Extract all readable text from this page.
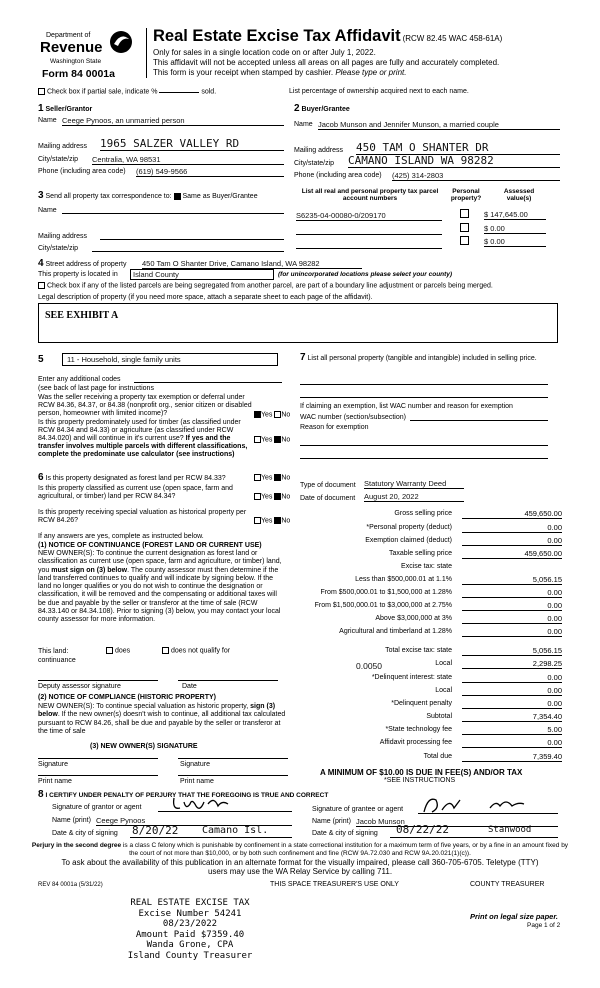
Department of
Revenue
Washington State
Form 84 0001a
Real Estate Excise Tax Affidavit (RCW 82.45 WAC 458-61A)
Only for sales in a single location code on or after July 1, 2022.
This affidavit will not be accepted unless all areas on all pages are fully and accurately completed.
This form is your receipt when stamped by cashier. Please type or print.
Check box if partial sale, indicate %	sold.	List percentage of ownership acquired next to each name.
1 Seller/Grantor
Name Ceege Pynoos, an unmarried person
Mailing address 1965 SALZER VALLEY RD
City/state/zip Centralia, WA 98531
Phone (including area code) (619) 549-9566
2 Buyer/Grantee
Name Jacob Munson and Jennifer Munson, a married couple
Mailing address 450 TAM O SHANTER DR
City/state/zip CAMANO ISLAND WA 98282
Phone (including area code) (425) 314-2803
3 Send all property tax correspondence to: Same as Buyer/Grantee
Name
Mailing address
City/state/zip
List all real and personal property tax parcel account numbers
Personal property?
Assessed value(s)
S6235-04-00080-0/209170	$ 147,645.00
$ 0.00
$ 0.00
4 Street address of property 450 Tam O Shanter Drive, Camano Island, WA 98282
This property is located in	Island County	(for unincorporated locations please select your county)
Check box if any of the listed parcels are being segregated from another parcel, are part of a boundary line adjustment or parcels being merged.
Legal description of property (if you need more space, attach a separate sheet to each page of the affidavit).
SEE EXHIBIT A
5	11 - Household, single family units
Enter any additional codes
(see back of last page for instructions
Was the seller receiving a property tax exemption or deferral under RCW 84.36, 84.37, or 84.38 (nonprofit org., senior citizen or disabled person, homeowner with limited income)?	Yes No
Is this property predominately used for timber (as classified under RCW 84.34 and 84.33) or agriculture (as classified under RCW 84.34.020) and will continue in it's current use? If yes and the transfer involves multiple parcels with different classifications, complete the predominate use calculator (see instructions)
Yes No
6 Is this property designated as forest land per RCW 84.33?	Yes No
Is this property classified as current use (open space, farm and agricultural, or timber) land per RCW 84.34?	Yes No
Is this property receiving special valuation as historical property per RCW 84.26?	Yes No
If any answers are yes, complete as instructed below.
(1) NOTICE OF CONTINUANCE (FOREST LAND OR CURRENT USE)
NEW OWNER(S): To continue the current designation as forest land or classification as current use (open space, farm and agriculture, or timber) land, you must sign on (3) below. The county assessor must then determine if the land transferred continues to qualify and will indicate by signing below. If the land no longer qualifies or you do not wish to continue the designation or classification, it will be removed and the compensating or additional taxes will be due and payable by the seller or transferor at the time of sale (RCW 84.33.140 or 84.34.108). Prior to signing (3) below, you may contact your local county assessor for more information.
This land:	does	does not qualify for
continuance
Deputy assessor signature	Date
(2) NOTICE OF COMPLIANCE (HISTORIC PROPERTY)
NEW OWNER(S): To continue special valuation as historic property, sign (3) below. If the new owner(s) doesn't wish to continue, all additional tax calculated pursuant to RCW 84.26, shall be due and payable by the seller or transferor at the time of sale
(3) NEW OWNER(S) SIGNATURE
Signature	Signature
Print name	Print name
7 List all personal property (tangible and intangible) included in selling price.
If claiming an exemption, list WAC number and reason for exemption
WAC number (section/subsection)
Reason for exemption
Type of document Statutory Warranty Deed
Date of document August 20, 2022
Gross selling price	459,650.00
*Personal property (deduct)	0.00
Exemption claimed (deduct)	0.00
Taxable selling price	459,650.00
Excise tax: state
Less than $500,000.01 at 1.1%	5,056.15
From $500,000.01 to $1,500,000 at 1.28%	0.00
From $1,500,000.01 to $3,000,000 at 2.75%	0.00
Above $3,000,000 at 3%	0.00
Agricultural and timberland at 1.28%	0.00
Total excise tax: state	5,056.15
Local	2,298.25
*Delinquent interest: state	0.00
Local	0.00
*Delinquent penalty	0.00
Subtotal	7,354.40
*State technology fee	5.00
Affidavit processing fee	0.00
Total due	7,359.40
0.0050
A MINIMUM OF $10.00 IS DUE IN FEE(S) AND/OR TAX
*SEE INSTRUCTIONS
8 I CERTIFY UNDER PENALTY OF PERJURY THAT THE FOREGOING IS TRUE AND CORRECT
Signature of grantor or agent
Name (print) Ceege Pynoos
Date & city of signing 8/20/22 Camano Isl.
Signature of grantee or agent
Name (print) Jacob Munson
Date & city of signing 08/22/22	Stanwood
Perjury in the second degree is a class C felony which is punishable by confinement in a state correctional institution for a maximum term of five years, or by a fine in an amount fixed by the court of not more than $10,000, or by both such confinement and fine (RCW 9A.72.030 and RCW 9A.20.021(1)(c)).
To ask about the availability of this publication in an alternate format for the visually impaired, please call 360-705-6705. Teletype (TTY) users may use the WA Relay Service by calling 711.
REV 84 0001a (5/31/22)	THIS SPACE TREASURER'S USE ONLY	COUNTY TREASURER
REAL ESTATE EXCISE TAX
Excise Number 54241
08/23/2022
Amount Paid $7359.40
Wanda Grone, CPA
Island County Treasurer
Print on legal size paper.
Page 1 of 2
